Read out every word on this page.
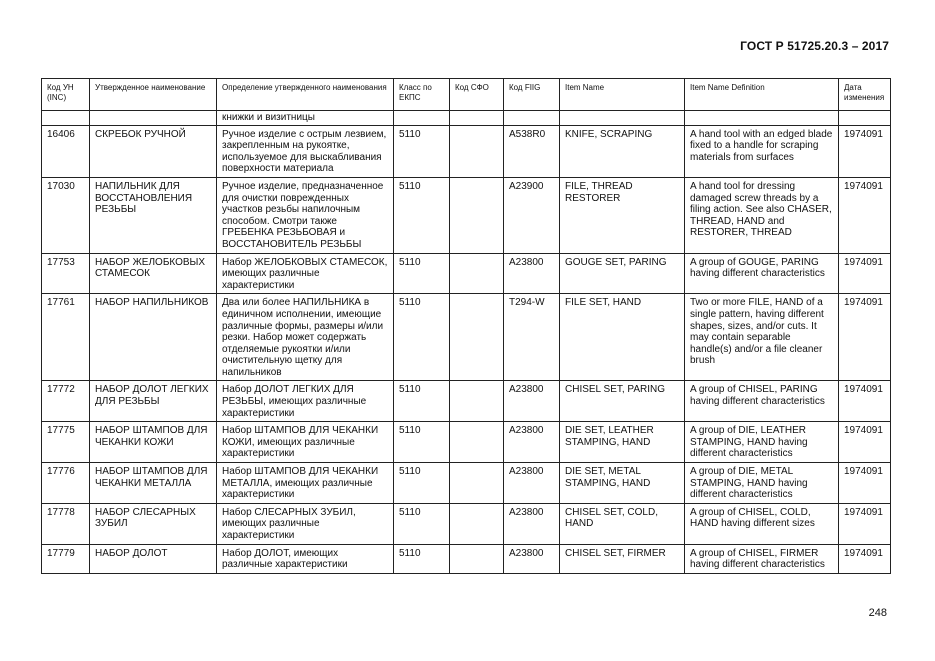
ГОСТ Р 51725.20.3 – 2017
Код УН (INC)	Утвержденное наименование	Определение утвержденного наименования	Класс по ЕКПС	Код СФО	Код FIIG	Item Name	Item Name Definition	Дата изменения
		книжки и визитницы						
16406	СКРЕБОК РУЧНОЙ	Ручное изделие с острым лезвием, закрепленным на рукоятке, используемое для выскабливания поверхности материала	5110		A538R0	KNIFE, SCRAPING	A hand tool with an edged blade fixed to a handle for scraping materials from surfaces	1974091
17030	НАПИЛЬНИК ДЛЯ ВОССТАНОВЛЕНИЯ РЕЗЬБЫ	Ручное изделие, предназначенное для очистки поврежденных участков резьбы напилочным способом. Смотри также ГРЕБЕНКА РЕЗЬБОВАЯ и ВОССТАНОВИТЕЛЬ РЕЗЬБЫ	5110		A23900	FILE, THREAD RESTORER	A hand tool for dressing damaged screw threads by a filing action. See also CHASER, THREAD, HAND and RESTORER, THREAD	1974091
17753	НАБОР ЖЕЛОБКОВЫХ СТАМЕСОК	Набор ЖЕЛОБКОВЫХ СТАМЕСОК, имеющих различные характеристики	5110		A23800	GOUGE SET, PARING	A group of GOUGE, PARING having different characteristics	1974091
17761	НАБОР НАПИЛЬНИКОВ	Два или более НАПИЛЬНИКА в единичном исполнении, имеющие различные формы, размеры и/или резки. Набор может содержать отделяемые рукоятки и/или очистительную щетку для напильников	5110		T294-W	FILE SET, HAND	Two or more FILE, HAND of a single pattern, having different shapes, sizes, and/or cuts. It may contain separable handle(s) and/or a file cleaner brush	1974091
17772	НАБОР ДОЛОТ ЛЕГКИХ ДЛЯ РЕЗЬБЫ	Набор ДОЛОТ ЛЕГКИХ ДЛЯ РЕЗЬБЫ, имеющих различные характеристики	5110		A23800	CHISEL SET, PARING	A group of CHISEL, PARING having different characteristics	1974091
17775	НАБОР ШТАМПОВ ДЛЯ ЧЕКАНКИ КОЖИ	Набор ШТАМПОВ ДЛЯ ЧЕКАНКИ КОЖИ, имеющих различные характеристики	5110		A23800	DIE SET, LEATHER STAMPING, HAND	A group of DIE, LEATHER STAMPING, HAND having different characteristics	1974091
17776	НАБОР ШТАМПОВ ДЛЯ ЧЕКАНКИ МЕТАЛЛА	Набор ШТАМПОВ ДЛЯ ЧЕКАНКИ МЕТАЛЛА, имеющих различные характеристики	5110		A23800	DIE SET, METAL STAMPING, HAND	A group of DIE, METAL STAMPING, HAND having different characteristics	1974091
17778	НАБОР СЛЕСАРНЫХ ЗУБИЛ	Набор СЛЕСАРНЫХ ЗУБИЛ, имеющих различные характеристики	5110		A23800	CHISEL SET, COLD, HAND	A group of CHISEL, COLD, HAND having different sizes	1974091
17779	НАБОР ДОЛОТ	Набор ДОЛОТ, имеющих различные характеристики	5110		A23800	CHISEL SET, FIRMER	A group of CHISEL, FIRMER having different characteristics	1974091
248
